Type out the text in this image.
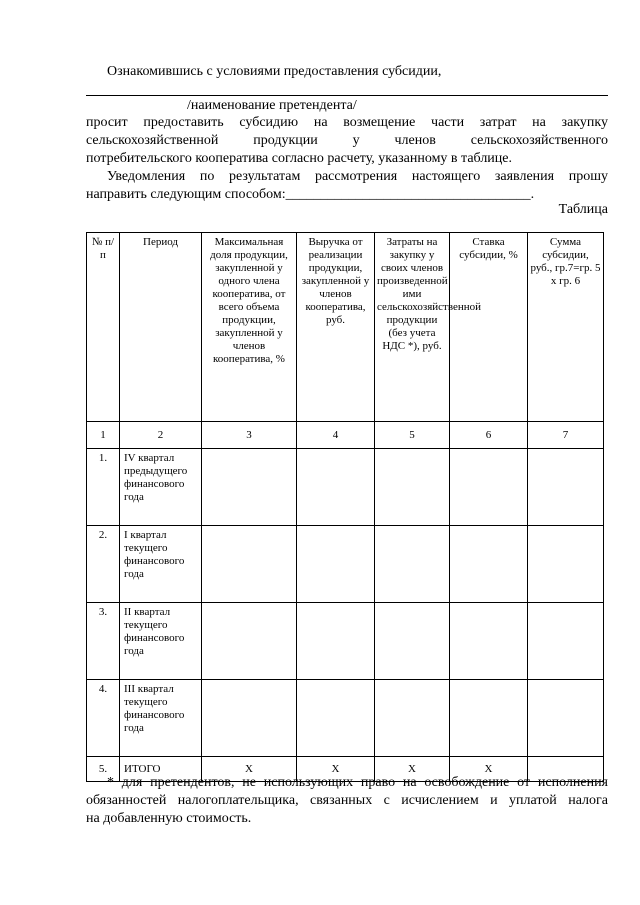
Ознакомившись с условиями предоставления субсидии,
/наименование претендента/
просит предоставить субсидию на возмещение части затрат на закупку
сельскохозяйственной продукции у членов сельскохозяйственного
потребительского кооператива согласно расчету, указанному в таблице.
Уведомления по результатам рассмотрения настоящего заявления прошу
направить следующим способом:___________________________________.
Таблица
№ п/п	Период	Максимальная доля продукции, закупленной у одного члена кооператива, от всего объема продукции, закупленной у членов кооператива, %	Выручка от реализации продукции, закупленной у членов кооператива, руб.	Затраты на закупку у своих членов произведенной ими сельскохозяйственной продукции (без учета НДС *), руб.	Ставка субсидии, %	Сумма субсидии, руб., гр.7=гр. 5 х гр. 6
1	2	3	4	5	6	7
1.	IV квартал предыдущего финансового года					
2.	I квартал текущего финансового года					
3.	II квартал текущего финансового года					
4.	III квартал текущего финансового года					
5.	ИТОГО	Х	Х	Х	Х	
* для претендентов, не использующих право на освобождение от исполнения
обязанностей налогоплательщика, связанных с исчислением и уплатой налога
на добавленную стоимость.
